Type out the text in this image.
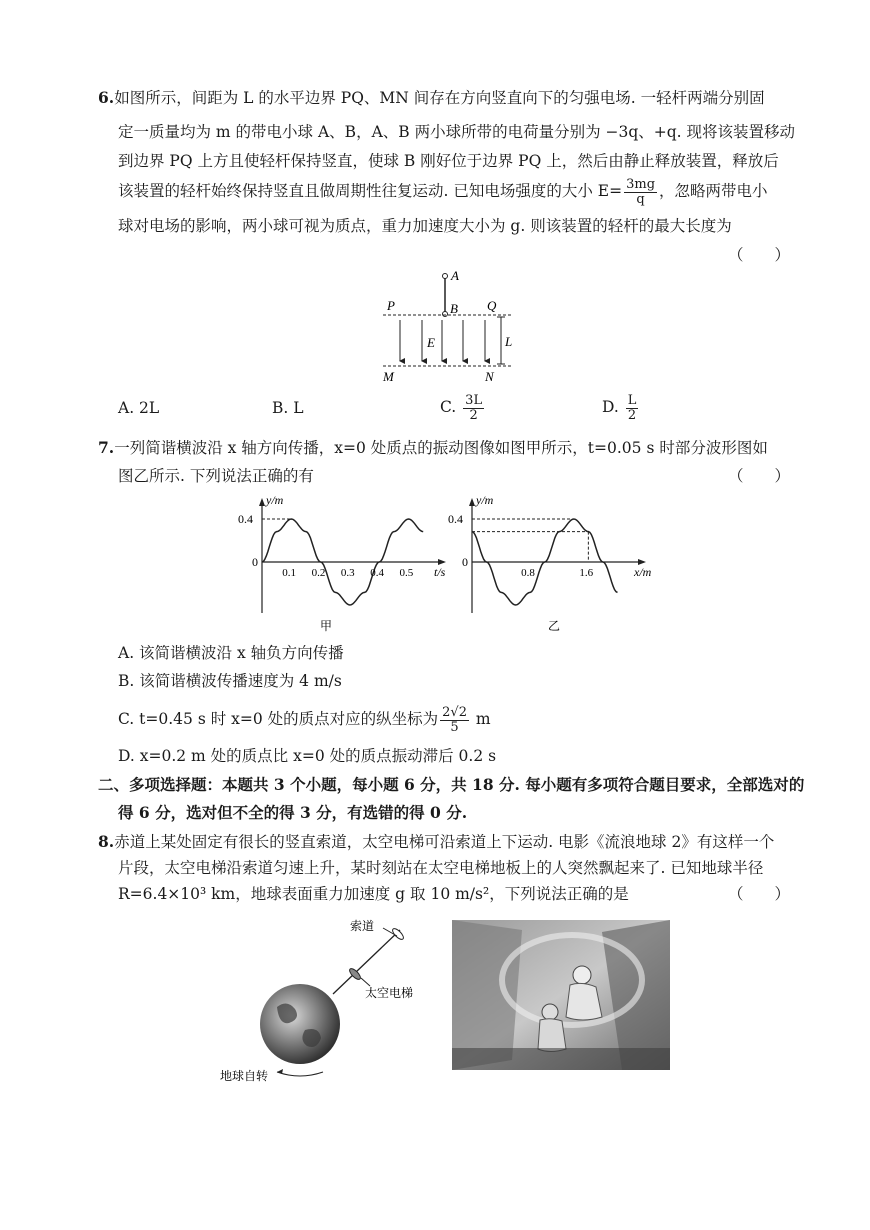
6.如图所示，间距为 L 的水平边界 PQ、MN 间存在方向竖直向下的匀强电场. 一轻杆两端分别固
定一质量均为 m 的带电小球 A、B，A、B 两小球所带的电荷量分别为 −3q、+q. 现将该装置移动
到边界 PQ 上方且使轻杆保持竖直，使球 B 刚好位于边界 PQ 上，然后由静止释放装置，释放后
该装置的轻杆始终保持竖直且做周期性往复运动. 已知电场强度的大小 $E= \frac{3mg}{q}$ ，忽略两带电小
球对电场的影响，两小球可视为质点，重力加速度大小为 g. 则该装置的轻杆的最大长度为
（　　）
A
B
P	Q
E	L
M	N
A. 2L	B. L	C. $\frac{3L}{2}$	D. $\frac{L}{2}$
7.一列简谐横波沿 x 轴方向传播，x=0 处质点的振动图像如图甲所示，t=0.05 s 时部分波形图如
图乙所示. 下列说法正确的有	（　　）
y/m
t/s
0
0.4
0.1 0.2 0.3 0.4 0.5
甲
y/m
x/m
0
0.4
0.8	1.6
乙
A. 该简谐横波沿 x 轴负方向传播
B. 该简谐横波传播速度为 4 m/s
C. t=0.45 s 时 x=0 处的质点对应的纵坐标为 $\frac{2√2}{5}$ m
D. x=0.2 m 处的质点比 x=0 处的质点振动滞后 0.2 s
二、多项选择题：本题共 3 个小题，每小题 6 分，共 18 分. 每小题有多项符合题目要求，全部选对的
得 6 分，选对但不全的得 3 分，有选错的得 0 分.
8.赤道上某处固定有很长的竖直索道，太空电梯可沿索道上下运动. 电影《流浪地球 2》有这样一个
片段，太空电梯沿索道匀速上升，某时刻站在太空电梯地板上的人突然飘起来了. 已知地球半径
R=6.4×10³ km，地球表面重力加速度 g 取 10 m/s²，下列说法正确的是	（　　）
索道
太空电梯
地球自转
